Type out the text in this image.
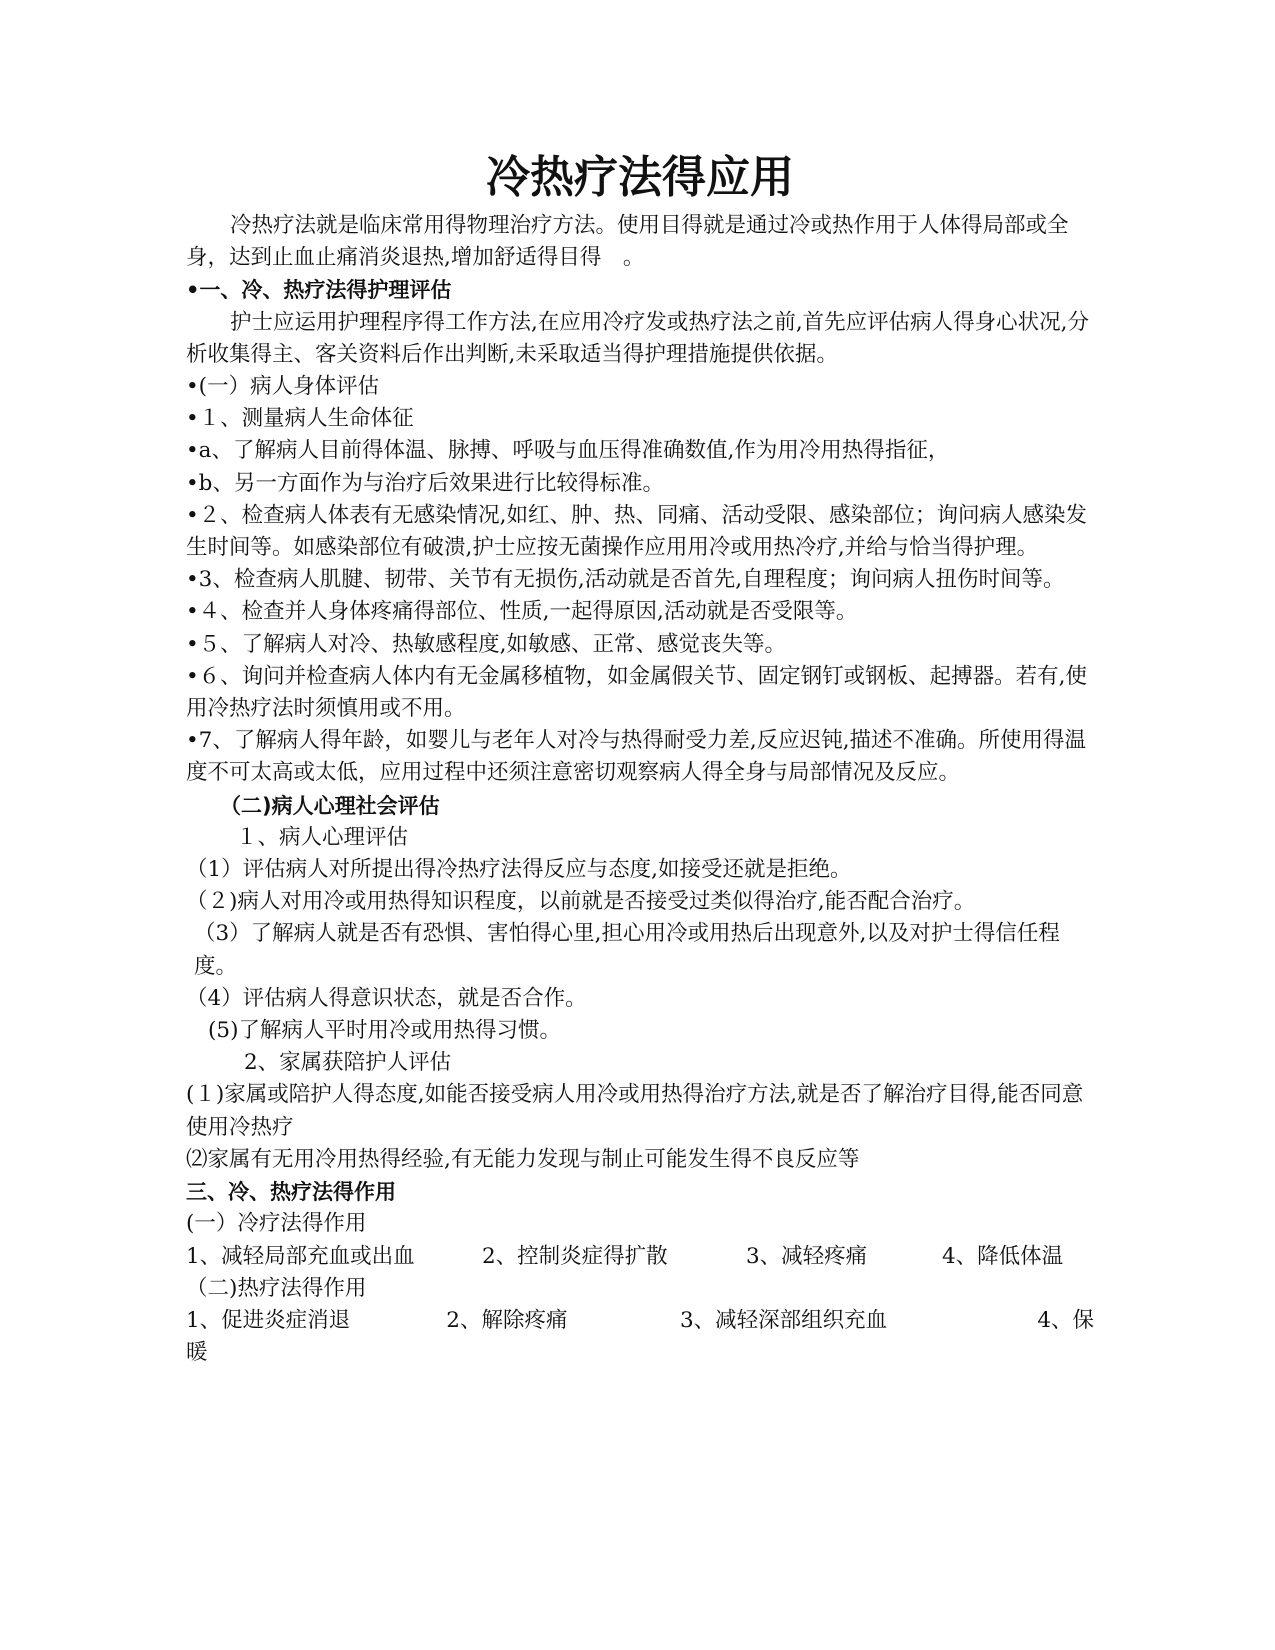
冷热疗法得应用

冷热疗法就是临床常用得物理治疗方法。使用目得就是通过冷或热作用于人体得局部或全身，达到止血止痛消炎退热,增加舒适得目得　。

•一、冷、热疗法得护理评估

护士应运用护理程序得工作方法,在应用冷疗发或热疗法之前,首先应评估病人得身心状况,分析收集得主、客关资料后作出判断,未采取适当得护理措施提供依据。

•(一）病人身体评估

•１、测量病人生命体征

•a、了解病人目前得体温、脉搏、呼吸与血压得准确数值,作为用冷用热得指征，

•b、另一方面作为与治疗后效果进行比较得标准。

•２、检查病人体表有无感染情况,如红、肿、热、同痛、活动受限、感染部位；询问病人感染发生时间等。如感染部位有破溃,护士应按无菌操作应用用冷或用热冷疗,并给与恰当得护理。

•3、检查病人肌腱、韧带、关节有无损伤,活动就是否首先,自理程度；询问病人扭伤时间等。

•４、检查并人身体疼痛得部位、性质,一起得原因,活动就是否受限等。

•５、了解病人对冷、热敏感程度,如敏感、正常、感觉丧失等。

•６、询问并检查病人体内有无金属移植物，如金属假关节、固定钢钉或钢板、起搏器。若有,使用冷热疗法时须慎用或不用。

•7、了解病人得年龄，如婴儿与老年人对冷与热得耐受力差,反应迟钝,描述不准确。所使用得温度不可太高或太低，应用过程中还须注意密切观察病人得全身与局部情况及反应。

（二)病人心理社会评估

１、病人心理评估

（1）评估病人对所提出得冷热疗法得反应与态度,如接受还就是拒绝。

（２)病人对用冷或用热得知识程度，以前就是否接受过类似得治疗,能否配合治疗。

（3）了解病人就是否有恐惧、害怕得心里,担心用冷或用热后出现意外,以及对护士得信任程度。

（4）评估病人得意识状态，就是否合作。

(5)了解病人平时用冷或用热得习惯。

2、家属获陪护人评估

(１)家属或陪护人得态度,如能否接受病人用冷或用热得治疗方法,就是否了解治疗目得,能否同意使用冷热疗

⑵家属有无用冷用热得经验,有无能力发现与制止可能发生得不良反应等

三、冷、热疗法得作用

(一）冷疗法得作用

1、减轻局部充血或出血	2、控制炎症得扩散	3、减轻疼痛	4、降低体温

（二)热疗法得作用

1、促进炎症消退	2、解除疼痛	3、减轻深部组织充血	4、保

暖
